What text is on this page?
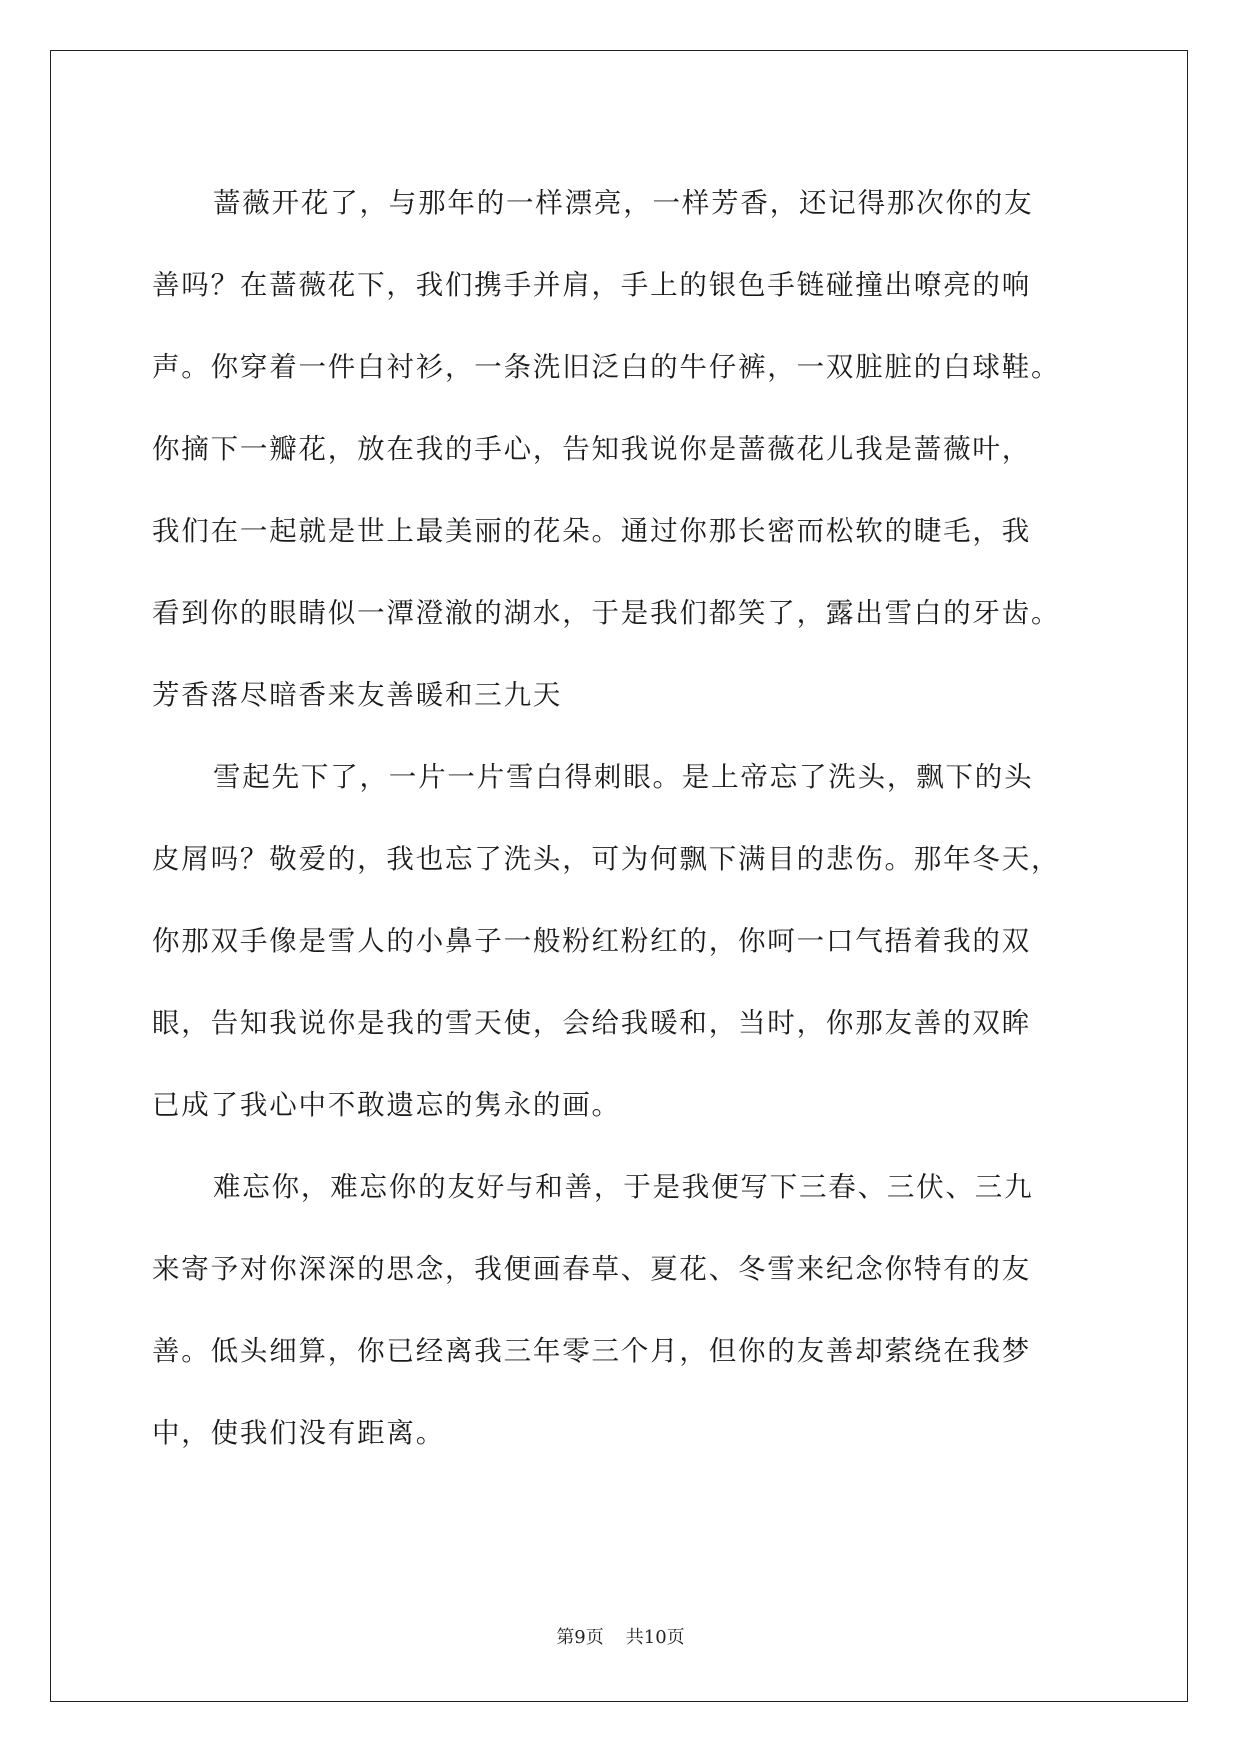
蔷薇开花了，与那年的一样漂亮，一样芳香，还记得那次你的友
善吗？在蔷薇花下，我们携手并肩，手上的银色手链碰撞出嘹亮的响
声。你穿着一件白衬衫，一条洗旧泛白的牛仔裤，一双脏脏的白球鞋。
你摘下一瓣花，放在我的手心，告知我说你是蔷薇花儿我是蔷薇叶，
我们在一起就是世上最美丽的花朵。通过你那长密而松软的睫毛，我
看到你的眼睛似一潭澄澈的湖水，于是我们都笑了，露出雪白的牙齿。
芳香落尽暗香来友善暖和三九天
雪起先下了，一片一片雪白得刺眼。是上帝忘了洗头，飘下的头
皮屑吗？敬爱的，我也忘了洗头，可为何飘下满目的悲伤。那年冬天，
你那双手像是雪人的小鼻子一般粉红粉红的，你呵一口气捂着我的双
眼，告知我说你是我的雪天使，会给我暖和，当时，你那友善的双眸
已成了我心中不敢遗忘的隽永的画。
难忘你，难忘你的友好与和善，于是我便写下三春、三伏、三九
来寄予对你深深的思念，我便画春草、夏花、冬雪来纪念你特有的友
善。低头细算，你已经离我三年零三个月，但你的友善却萦绕在我梦
中，使我们没有距离。
第9页 共10页
